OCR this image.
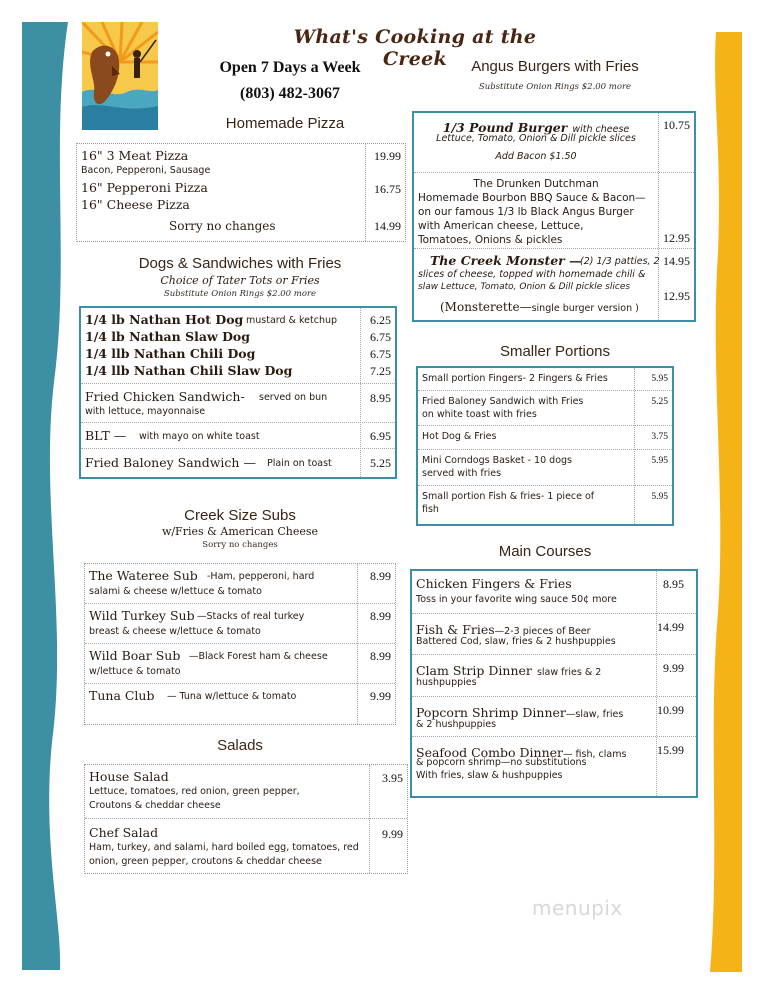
What's Cooking at the Creek
Open 7 Days a Week
(803) 482-3067
Homemade Pizza
16" 3 Meat Pizza
Bacon, Pepperoni, Sausage
19.99
16" Pepperoni Pizza	16.75
16" Cheese Pizza
Sorry no changes	14.99
Dogs & Sandwiches with Fries
Choice of Tater Tots or Fries
Substitute Onion Rings $2.00 more
1/4 lb Nathan Hot Dog mustard & ketchup	6.25
1/4 lb Nathan Slaw Dog	6.75
1/4 llb Nathan Chili Dog	6.75
1/4 llb Nathan Chili Slaw Dog	7.25
Fried Chicken Sandwich- served on bun
with lettuce, mayonnaise
8.95
BLT — with mayo on white toast	6.95
Fried Baloney Sandwich — Plain on toast	5.25
Creek Size Subs
w/Fries & American Cheese
Sorry no changes
The Wateree Sub -Ham, pepperoni, hard
salami & cheese w/lettuce & tomato
8.99
Wild Turkey Sub —Stacks of real turkey
breast & cheese w/lettuce & tomato
8.99
Wild Boar Sub —Black Forest ham & cheese
w/lettuce & tomato
8.99
Tuna Club — Tuna w/lettuce & tomato	9.99
Salads
House Salad
Lettuce, tomatoes, red onion, green pepper,
Croutons & cheddar cheese
3.95
Chef Salad
Ham, turkey, and salami, hard boiled egg, tomatoes, red
onion, green pepper, croutons & cheddar cheese
9.99
Angus Burgers with Fries
Substitute Onion Rings $2.00 more
1/3 Pound Burger with cheese
Lettuce, Tomato, Onion & Dill pickle slices
Add Bacon $1.50
10.75
The Drunken Dutchman
Homemade Bourbon BBQ Sauce & Bacon—
on our famous 1/3 lb Black Angus Burger
with American cheese, Lettuce,
Tomatoes, Onions & pickles	12.95
The Creek Monster —
(2) 1/3 patties, 2
slices of cheese, topped with homemade chili &
slaw Lettuce, Tomato, Onion & Dill pickle slices
14.95
(Monsterette—single burger version )
12.95
Smaller Portions
Small portion Fingers- 2 Fingers & Fries	5.95
Fried Baloney Sandwich with Fries
on white toast with fries
5.25
Hot Dog & Fries	3.75
Mini Corndogs Basket - 10 dogs
served with fries
5.95
Small portion Fish & fries- 1 piece of
fish
5.95
Main Courses
Chicken Fingers & Fries
Toss in your favorite wing sauce 50¢ more
8.95
Fish & Fries—2-3 pieces of Beer
Battered Cod, slaw, fries & 2 hushpuppies
14.99
Clam Strip Dinner slaw fries & 2
hushpuppies
9.99
Popcorn Shrimp Dinner—slaw, fries
& 2 hushpuppies
10.99
Seafood Combo Dinner— fish, clams
& popcorn shrimp—no substitutions
With fries, slaw & hushpuppies
15.99
menupix
